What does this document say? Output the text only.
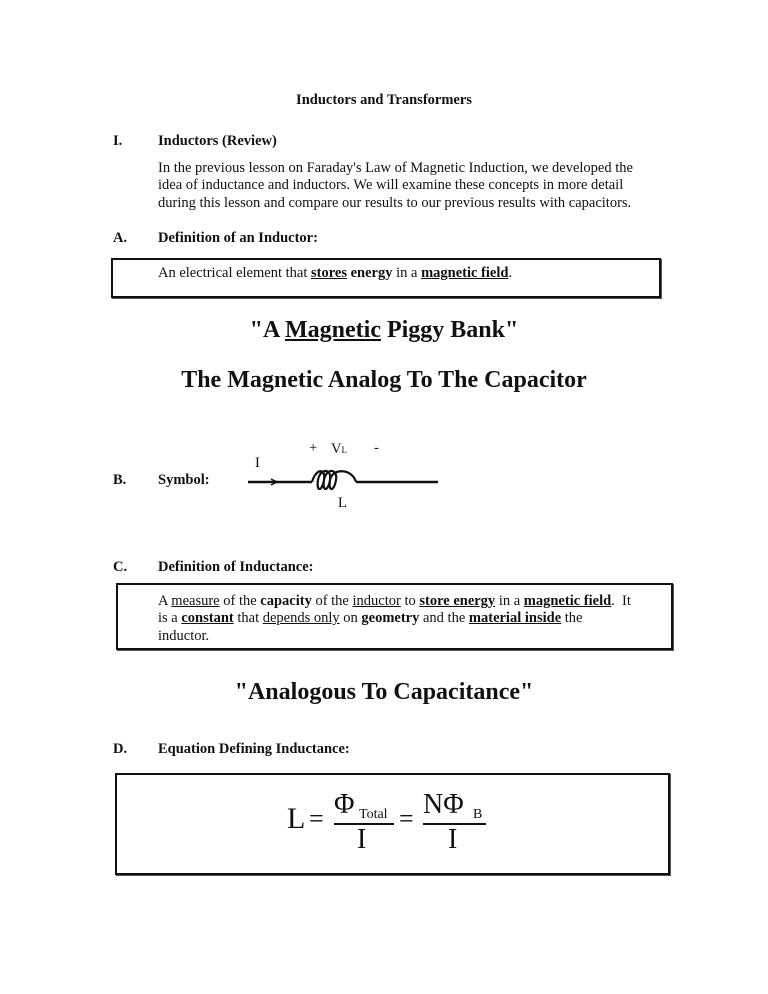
Inductors and Transformers
I. Inductors (Review)
In the previous lesson on Faraday's Law of Magnetic Induction, we developed the
idea of inductance and inductors. We will examine these concepts in more detail
during this lesson and compare our results to our previous results with capacitors.
A. Definition of an Inductor:
An electrical element that stores energy in a magnetic field.
"A Magnetic Piggy Bank"
The Magnetic Analog To The Capacitor
+ VL -
I
B. Symbol:
L
C. Definition of Inductance:
A measure of the capacity of the inductor to store energy in a magnetic field.  It
is a constant that depends only on geometry and the material inside the
inductor.
"Analogous To Capacitance"
D. Equation Defining Inductance:
L = Φ Total
I
= NΦ B
I
